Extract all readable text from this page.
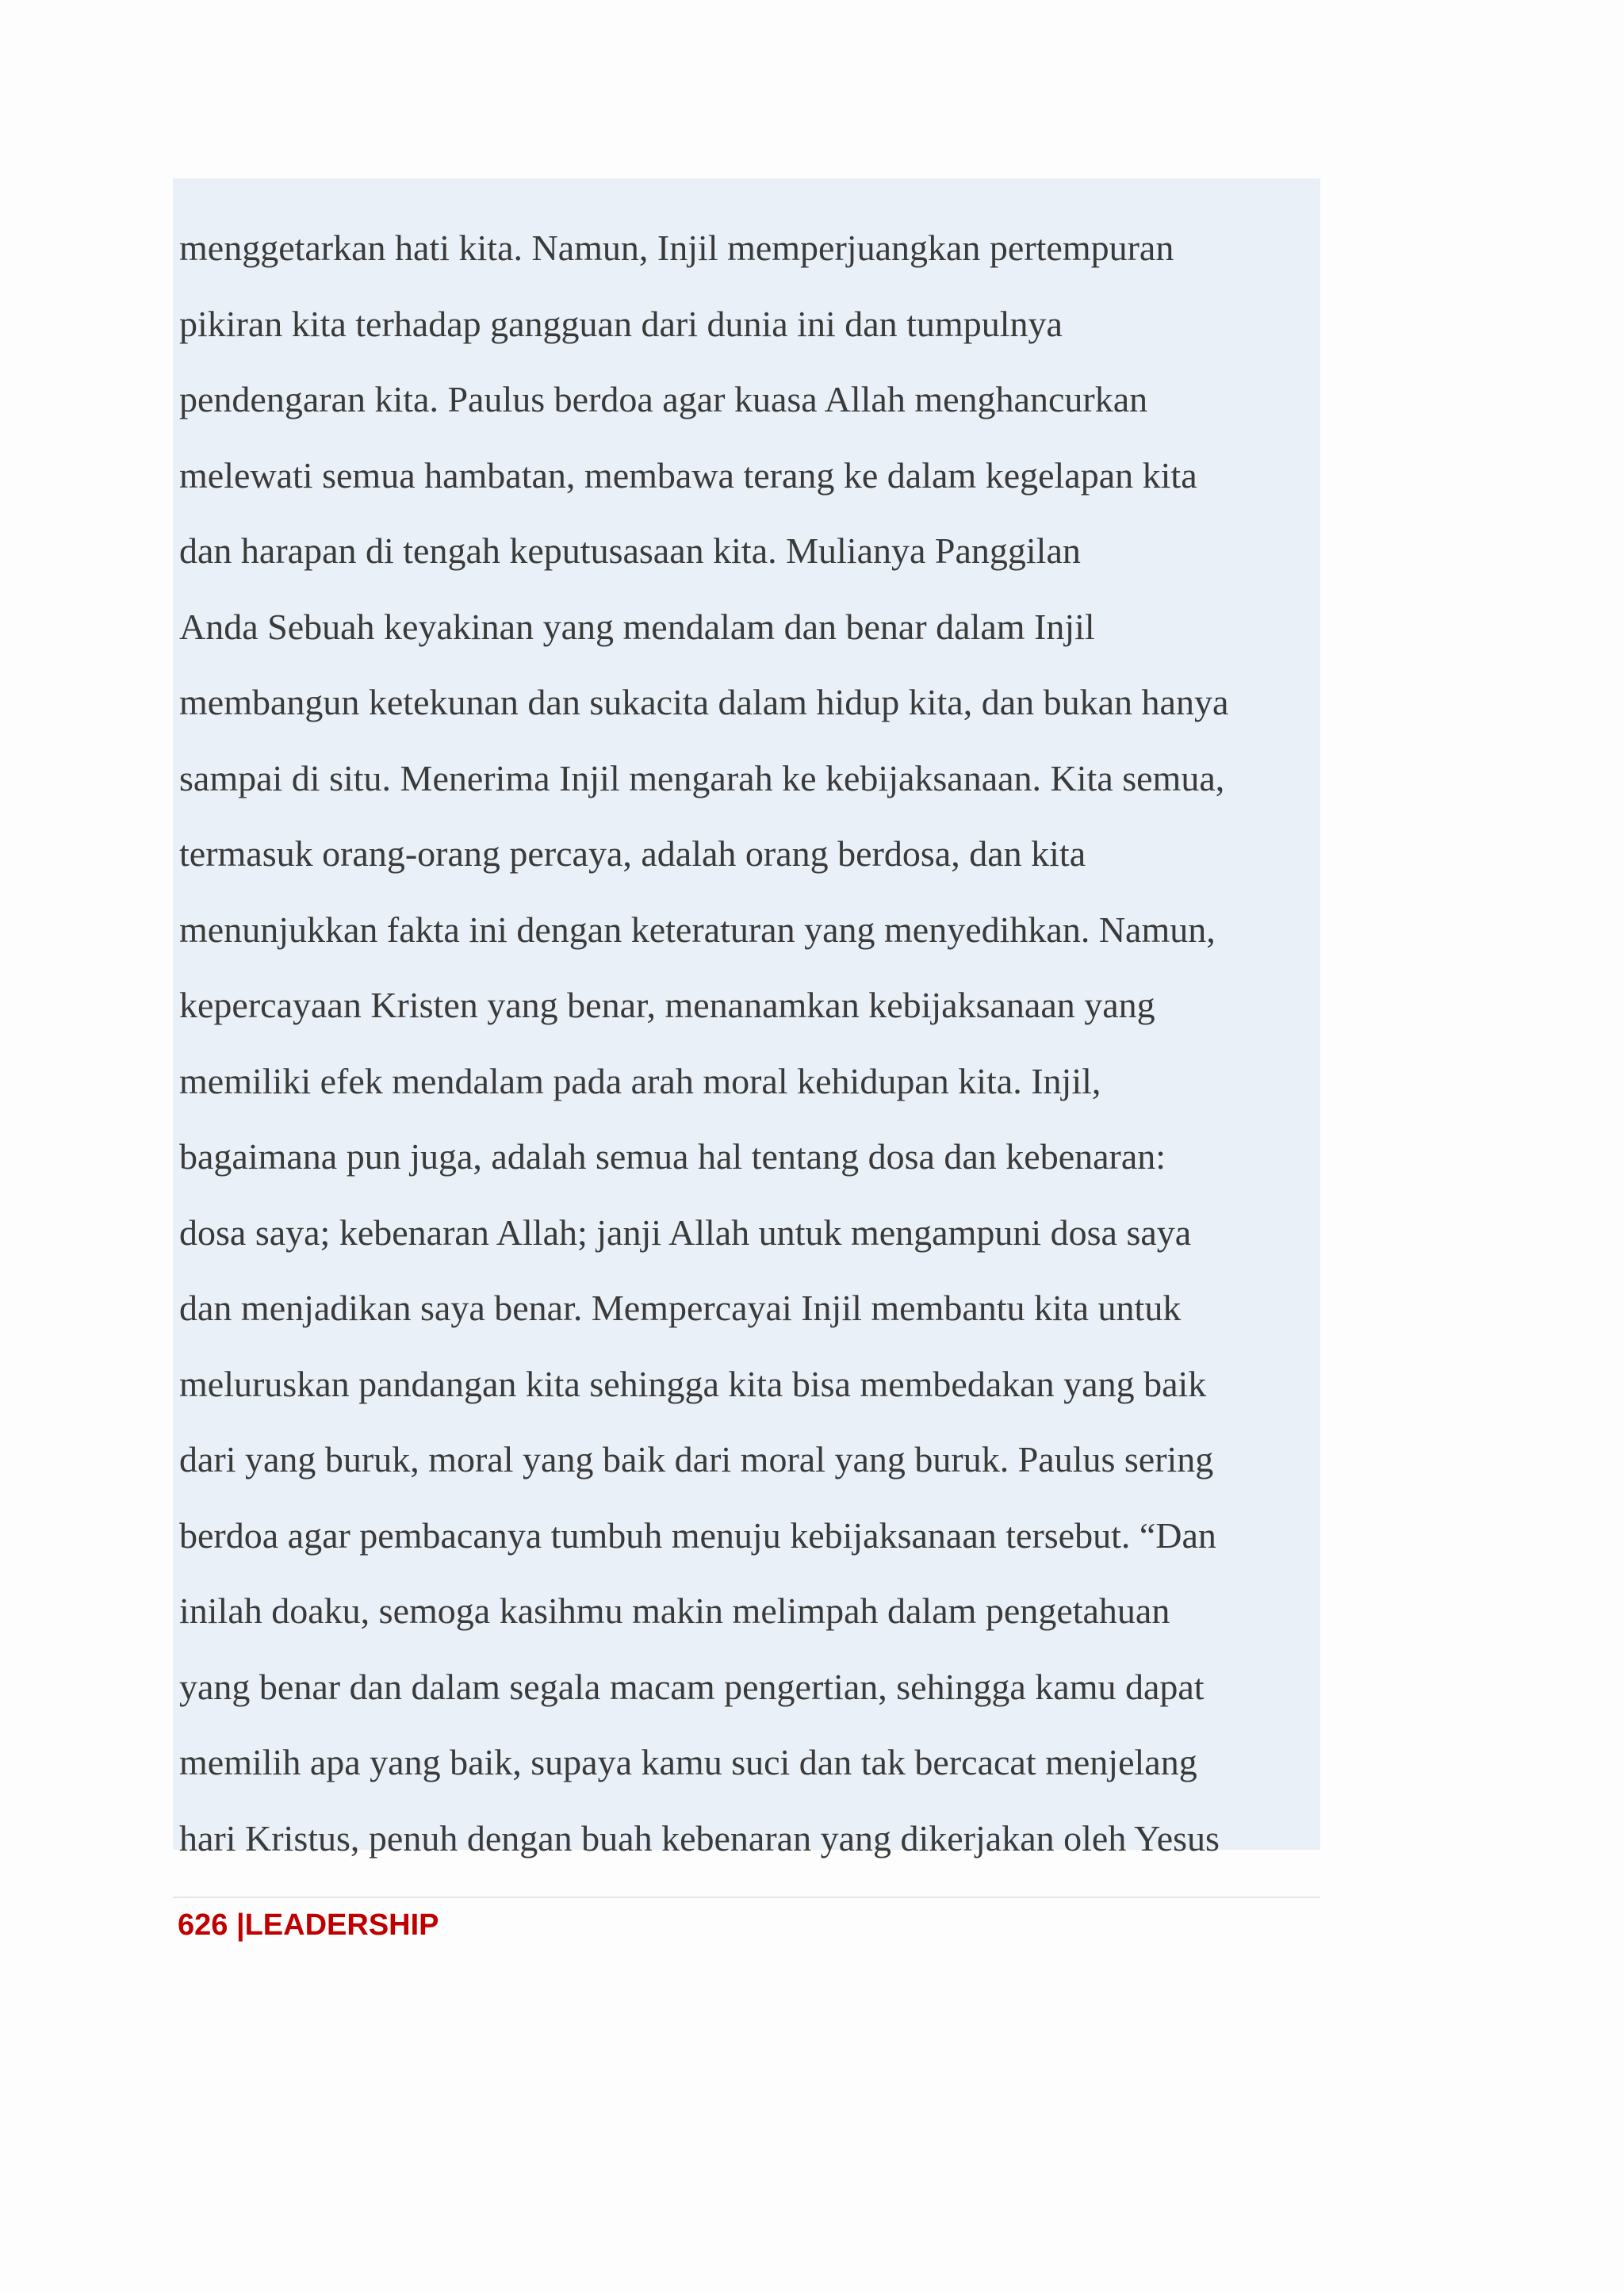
menggetarkan hati kita. Namun, Injil memperjuangkan pertempuran
pikiran kita terhadap gangguan dari dunia ini dan tumpulnya
pendengaran kita. Paulus berdoa agar kuasa Allah menghancurkan
melewati semua hambatan, membawa terang ke dalam kegelapan kita
dan harapan di tengah keputusasaan kita. Mulianya Panggilan
Anda Sebuah keyakinan yang mendalam dan benar dalam Injil
membangun ketekunan dan sukacita dalam hidup kita, dan bukan hanya
sampai di situ. Menerima Injil mengarah ke kebijaksanaan. Kita semua,
termasuk orang-orang percaya, adalah orang berdosa, dan kita
menunjukkan fakta ini dengan keteraturan yang menyedihkan. Namun,
kepercayaan Kristen yang benar, menanamkan kebijaksanaan yang
memiliki efek mendalam pada arah moral kehidupan kita. Injil,
bagaimana pun juga, adalah semua hal tentang dosa dan kebenaran:
dosa saya; kebenaran Allah; janji Allah untuk mengampuni dosa saya
dan menjadikan saya benar. Mempercayai Injil membantu kita untuk
meluruskan pandangan kita sehingga kita bisa membedakan yang baik
dari yang buruk, moral yang baik dari moral yang buruk. Paulus sering
berdoa agar pembacanya tumbuh menuju kebijaksanaan tersebut. “Dan
inilah doaku, semoga kasihmu makin melimpah dalam pengetahuan
yang benar dan dalam segala macam pengertian, sehingga kamu dapat
memilih apa yang baik, supaya kamu suci dan tak bercacat menjelang
hari Kristus, penuh dengan buah kebenaran yang dikerjakan oleh Yesus
626 |LEADERSHIP
